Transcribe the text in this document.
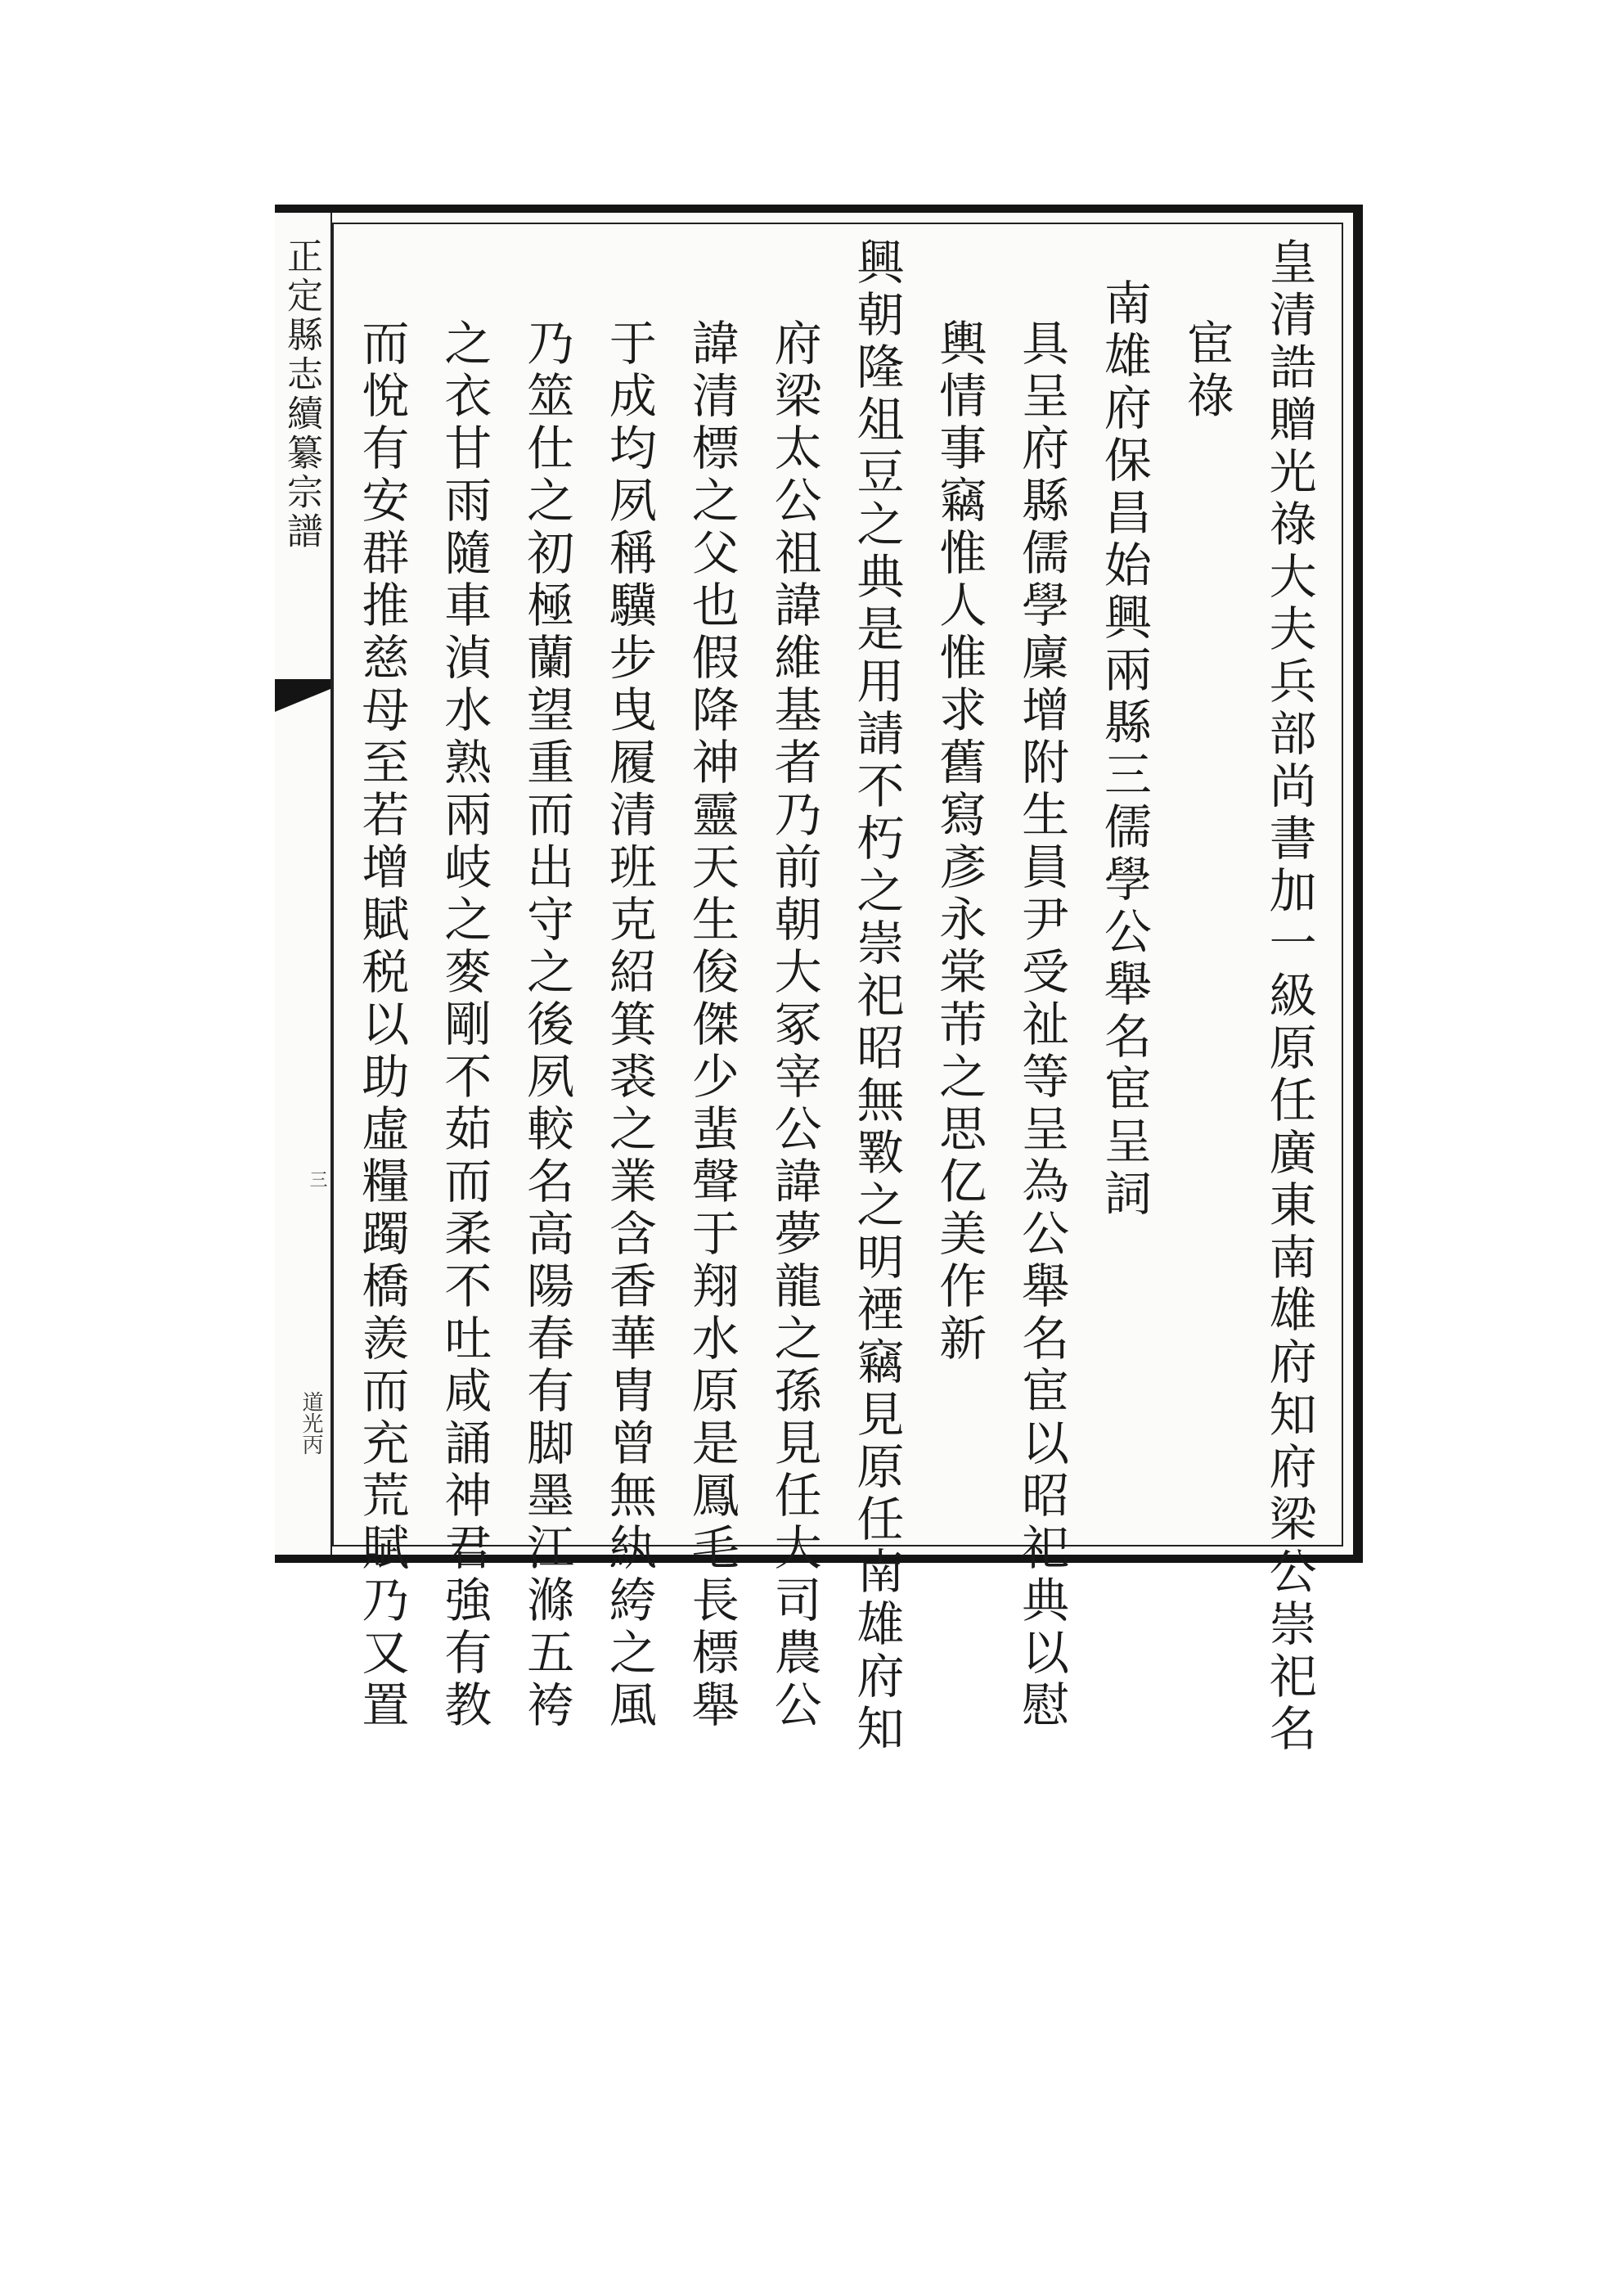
正定縣志續纂宗譜
三
道光丙	皇清誥贈光祿大夫兵部尚書加一級原任廣東南雄府知府梁公崇祀名
宦祿
南雄府保昌始興兩縣三儒學公舉名宦呈詞
具呈府縣儒學廩增附生員尹受祉等呈為公舉名宦以昭祀典以慰
輿情事竊惟人惟求舊寫彥永棠芾之思亿美作新
興朝隆俎豆之典是用請不朽之崇祀昭無斁之明禋竊見原任南雄府知
府梁太公祖諱維基者乃前朝大冢宰公諱夢龍之孫見任大司農公
諱清標之父也假降神靈天生俊傑少蜚聲于翔水原是鳳毛長標舉
于成均夙稱驥步曳履清班克紹箕裘之業含香華胄曾無紈絝之風
乃筮仕之初極蘭望重而出守之後夙較名高陽春有脚墨江滌五袴
之衣甘雨隨車湞水熟兩岐之麥剛不茹而柔不吐咸誦神君強有教
而悅有安群推慈母至若增賦税以助虛糧躅橋羨而充荒賦乃又置
